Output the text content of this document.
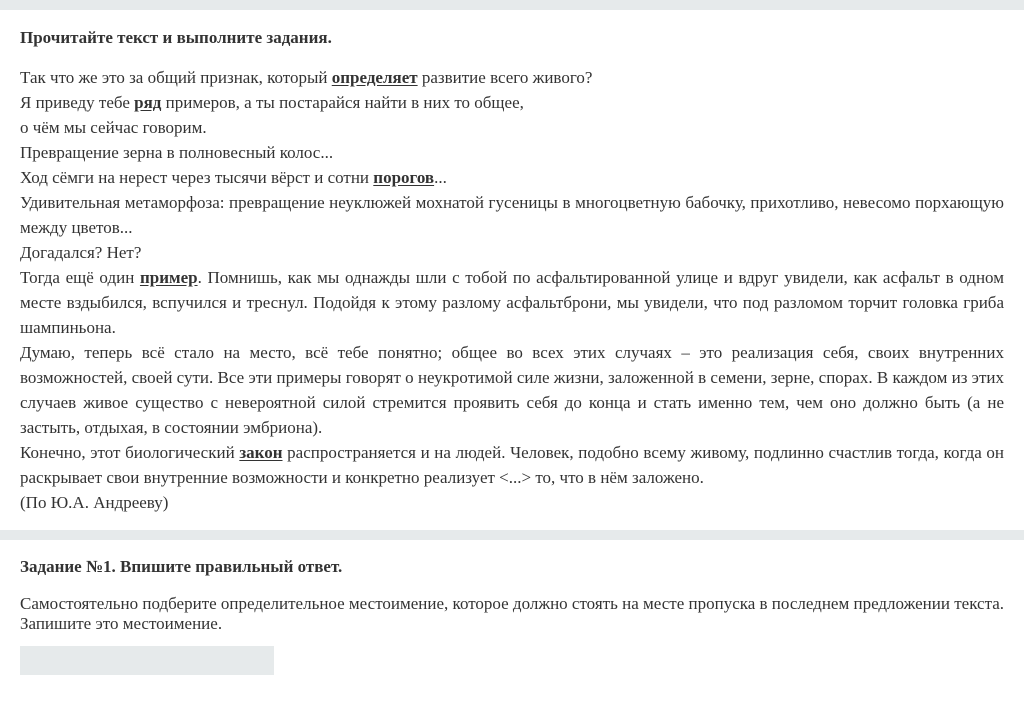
Прочитайте текст и выполните задания.

Так что же это за общий признак, который определяет развитие всего живого?

Я приведу тебе ряд примеров, а ты постарайся найти в них то общее,

о чём мы сейчас говорим.

Превращение зерна в полновесный колос...

Ход сёмги на нерест через тысячи вёрст и сотни порогов...

Удивительная метаморфоза: превращение неуклюжей мохнатой гусеницы в многоцветную бабочку, прихотливо, невесомо порхающую между цветов...

Догадался? Нет?

Тогда ещё один пример. Помнишь, как мы однажды шли с тобой по асфальтированной улице и вдруг увидели, как асфальт в одном месте вздыбился, вспучился и треснул. Подойдя к этому разлому асфальтброни, мы увидели, что под разломом торчит головка гриба шампиньона.

Думаю, теперь всё стало на место, всё тебе понятно; общее во всех этих случаях – это реализация себя, своих внутренних возможностей, своей сути. Все эти примеры говорят о неукротимой силе жизни, заложенной в семени, зерне, спорах. В каждом из этих случаев живое существо с невероятной силой стремится проявить себя до конца и стать именно тем, чем оно должно быть (а не застыть, отдыхая, в состоянии эмбриона).

Конечно, этот биологический закон распространяется и на людей. Человек, подобно всему живому, подлинно счастлив тогда, когда он раскрывает свои внутренние возможности и конкретно реализует <...> то, что в нём заложено.

(По Ю.А. Андрееву)

Задание №1. Впишите правильный ответ.
Самостоятельно подберите определительное местоимение, которое должно стоять на месте пропуска в последнем предложении текста. Запишите это местоимение.
